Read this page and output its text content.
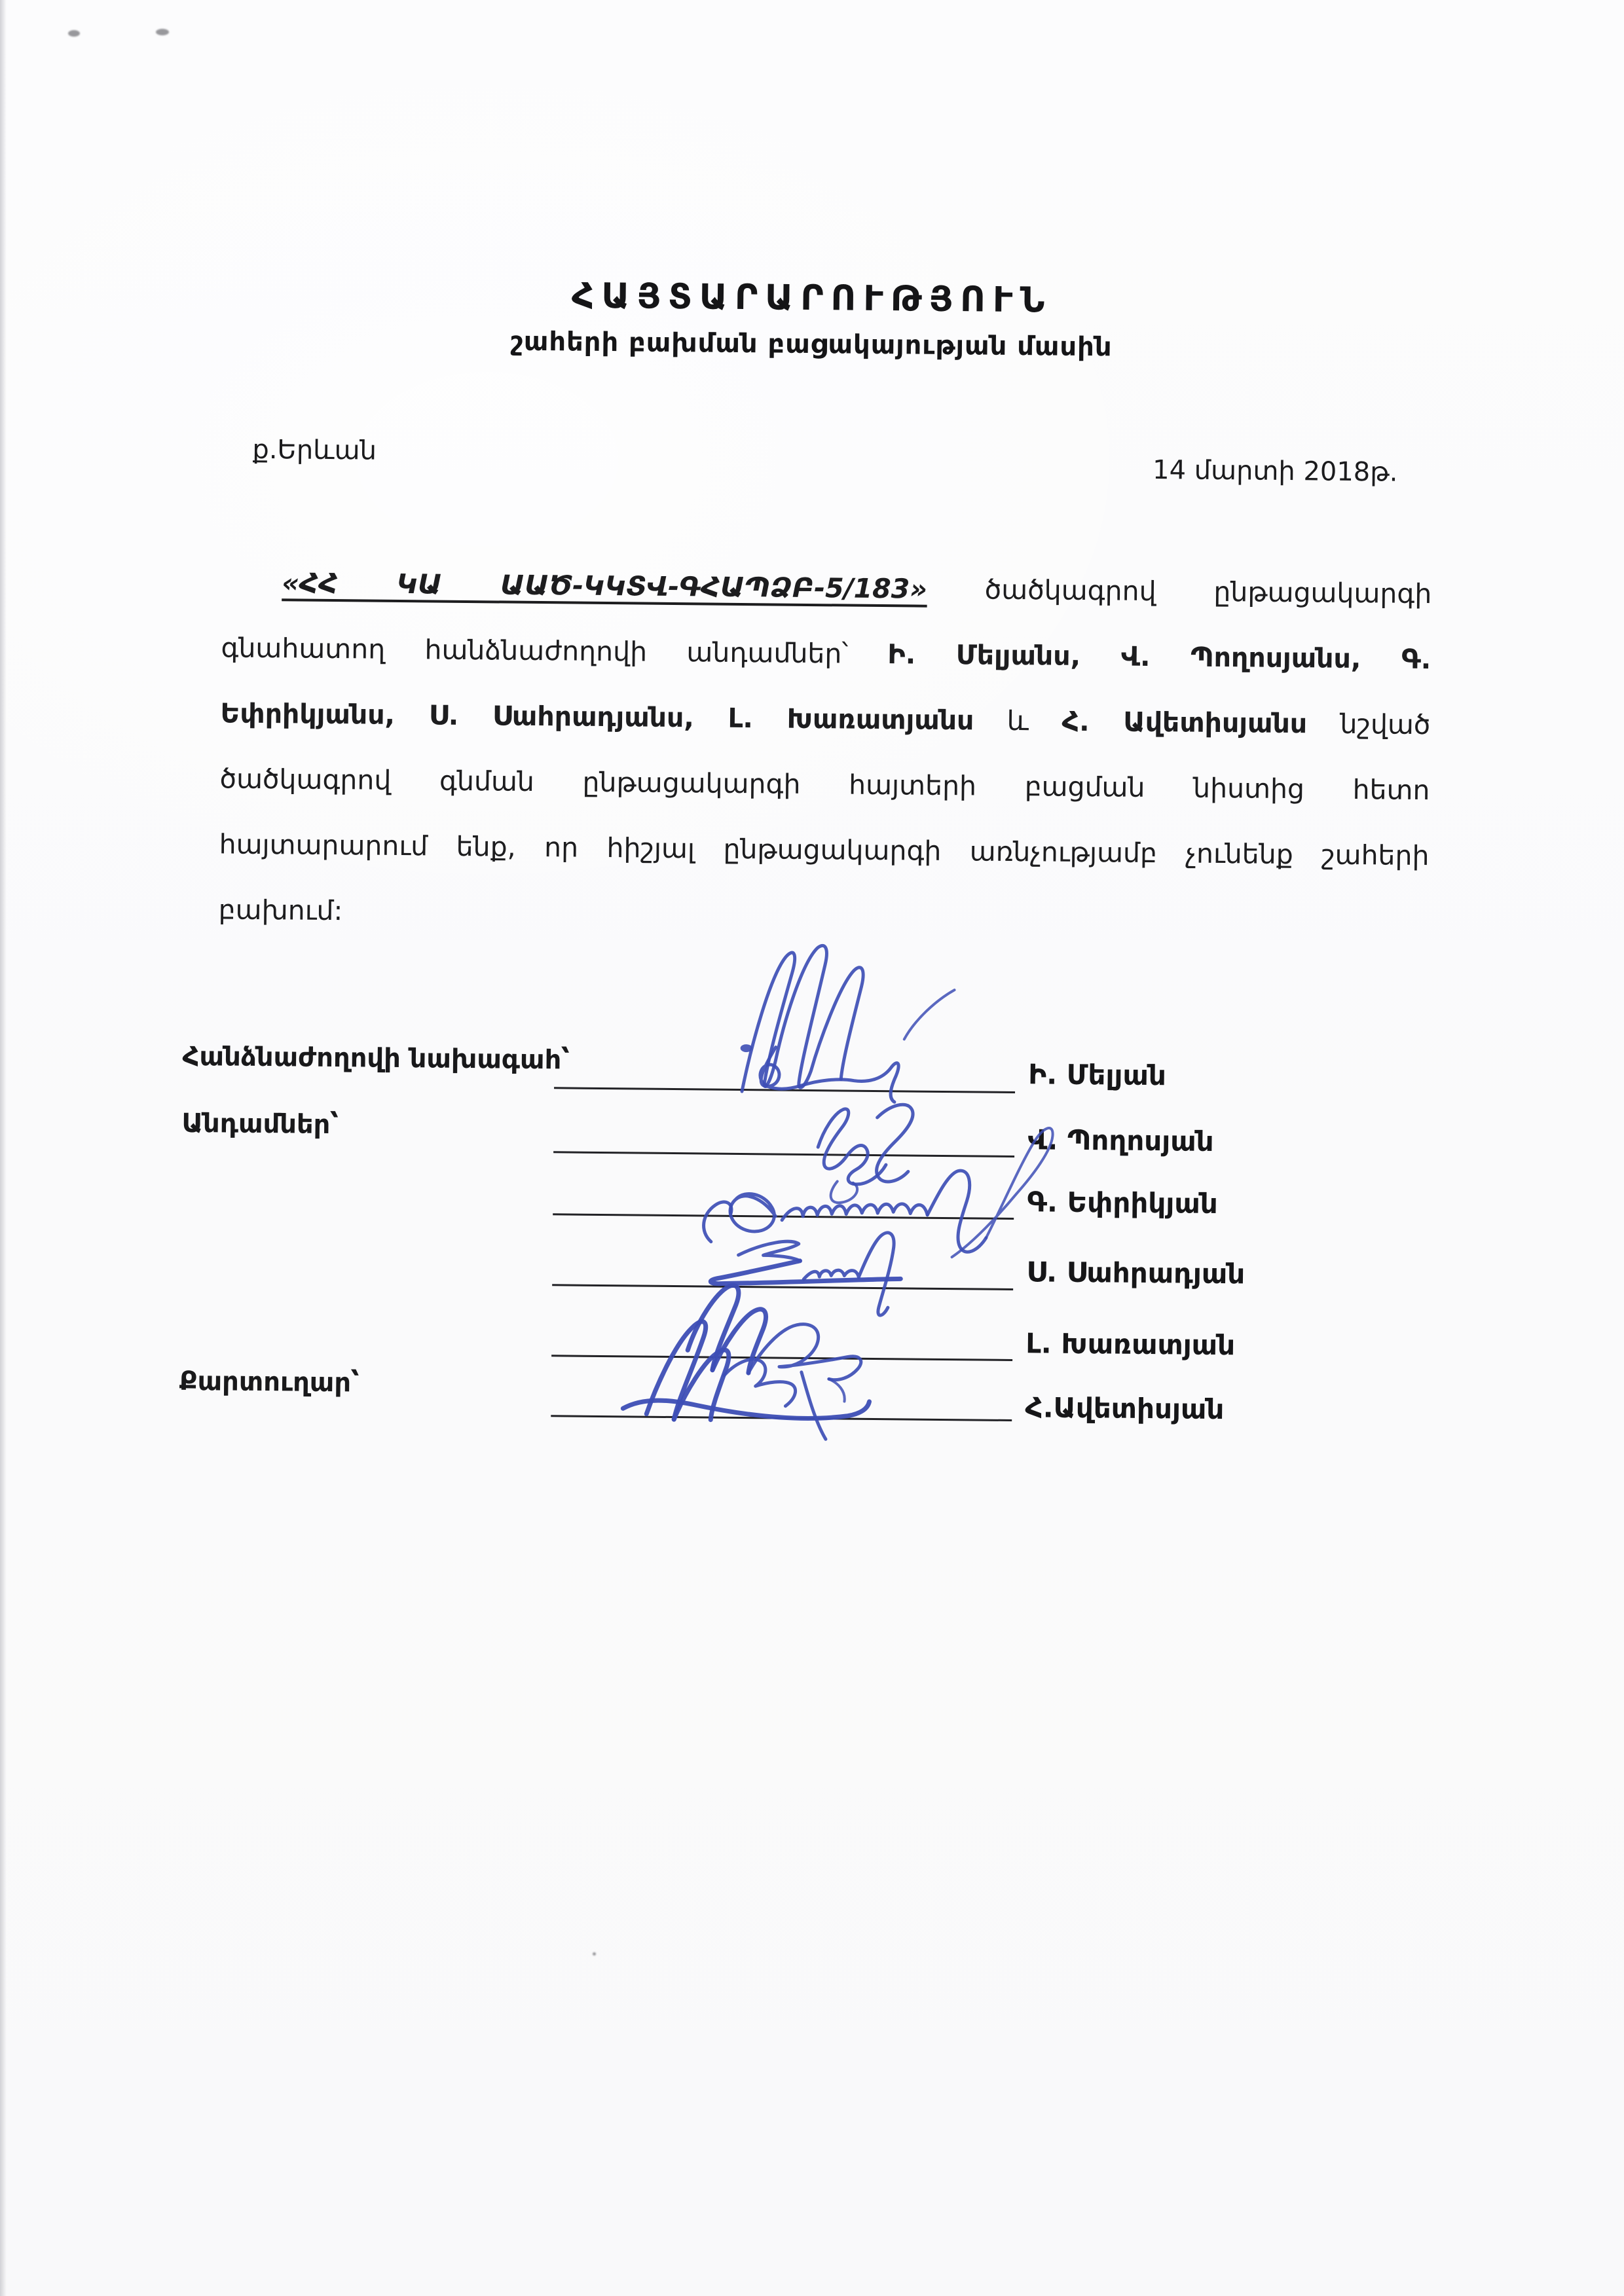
ՀԱՅՏԱՐԱՐՈՒԹՅՈՒՆ
շահերի բախման բացակայության մասին
ք.Երևան
14 մարտի 2018թ.
«ՀՀ ԿԱ ԱԱԾ-ԿԿՏՎ-ԳՀԱՊՁԲ-5/183» ծածկագրով ընթացակարգի
գնահատող հանձնաժողովի անդամներ՝ Ի. Մելյանս, Վ. Պողոսյանս, Գ.
Եփրիկյանս, Ս. Սահրադյանս, Լ. Խառատյանս և Հ. Ավետիսյանս նշված
ծածկագրով գնման ընթացակարգի հայտերի բացման նիստից հետո
հայտարարում ենք, որ հիշյալ ընթացակարգի առնչությամբ չունենք շահերի
բախում:
Հանձնաժողովի նախագահ՝
Անդամներ՝
Քարտուղար՝
Ի. Մելյան
Վ. Պողոսյան
Գ. Եփրիկյան
Ս. Սահրադյան
Լ. Խառատյան
Հ.Ավետիսյան
